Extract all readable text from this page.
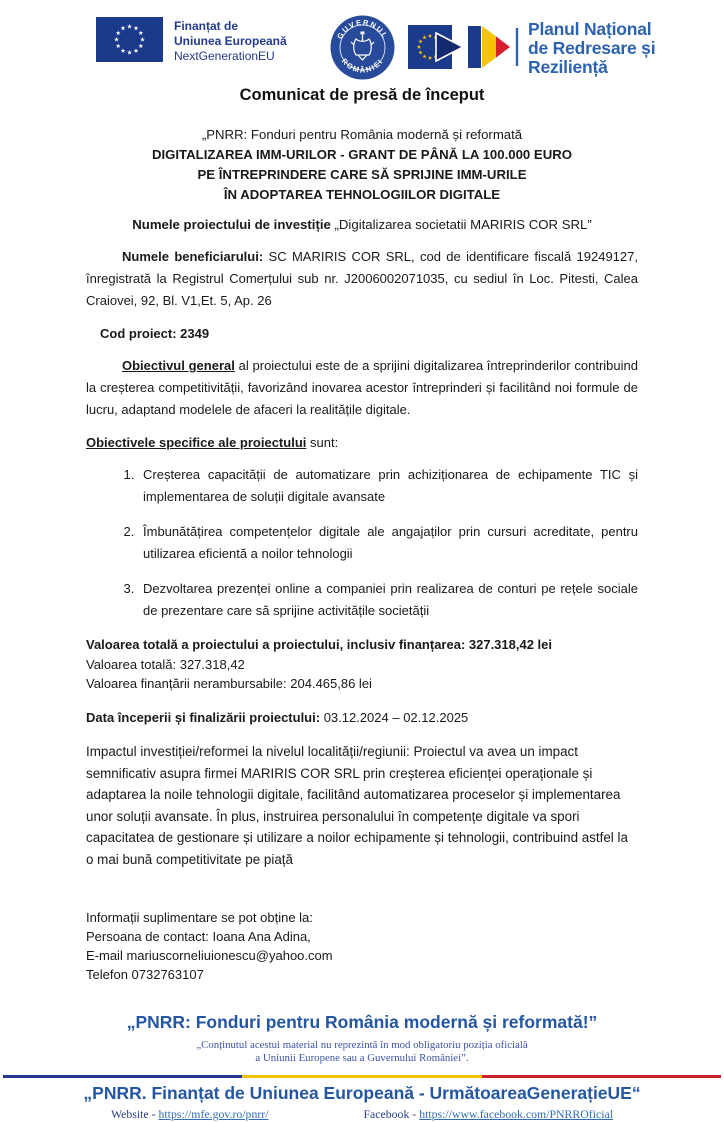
Finanțat de
Uniunea Europeană
NextGenerationEU
GUVERNUL
ROMÂNIEI
Planul Național
de Redresare și Reziliență
Comunicat de presă de început
„PNRR: Fonduri pentru România modernă și reformată
DIGITALIZAREA IMM-URILOR - GRANT DE PÂNĂ LA 100.000 EURO
PE ÎNTREPRINDERE CARE SĂ SPRIJINE IMM-URILE
ÎN ADOPTAREA TEHNOLOGIILOR DIGITALE

Numele proiectului de investiție „Digitalizarea societatii MARIRIS COR SRL”

Numele beneficiarului: SC MARIRIS COR SRL, cod de identificare fiscală 19249127, înregistrată la Registrul Comerțului sub nr. J2006002071035, cu sediul în Loc. Pitesti, Calea Craiovei, 92, Bl. V1,Et. 5, Ap. 26

Cod proiect: 2349

Obiectivul general al proiectului este de a sprijini digitalizarea întreprinderilor contribuind la creșterea competitivității, favorizând inovarea acestor întreprinderi și facilitând noi formule de lucru, adaptand modelele de afaceri la realitățile digitale.

Obiectivele specifice ale proiectului sunt:

1. Creșterea capacității de automatizare prin achiziționarea de echipamente TIC și implementarea de soluții digitale avansate
2. Îmbunătățirea competențelor digitale ale angajaților prin cursuri acreditate, pentru utilizarea eficientă a noilor tehnologii
3. Dezvoltarea prezenței online a companiei prin realizarea de conturi pe rețele sociale de prezentare care să sprijine activitățile societății

Valoarea totală a proiectului a proiectului, inclusiv finanțarea: 327.318,42 lei

Valoarea totală: 327.318,42

Valoarea finanțării nerambursabile: 204.465,86 lei

Data începerii și finalizării proiectului: 03.12.2024 – 02.12.2025

Impactul investiției/reformei la nivelul localității/regiunii: Proiectul va avea un impact semnificativ asupra firmei MARIRIS COR SRL prin creșterea eficienței operaționale și adaptarea la noile tehnologii digitale, facilitând automatizarea proceselor și implementarea unor soluții avansate. În plus, instruirea personalului în competențe digitale va spori capacitatea de gestionare și utilizare a noilor echipamente și tehnologii, contribuind astfel la o mai bună competitivitate pe piață

Informații suplimentare se pot obține la:
Persoana de contact: Ioana Ana Adina,
E-mail mariuscorneliuionescu@yahoo.com
Telefon 0732763107
„PNRR: Fonduri pentru România modernă și reformată!”
„Conținutul acestui material nu reprezintă în mod obligatoriu poziția oficială
a Uniunii Europene sau a Guvernului României”.
„PNRR. Finanțat de Uniunea Europeană - UrmătoareaGenerațieUE“
Website - https://mfe.gov.ro/pnrr/	Facebook - https://www.facebook.com/PNRROficial
